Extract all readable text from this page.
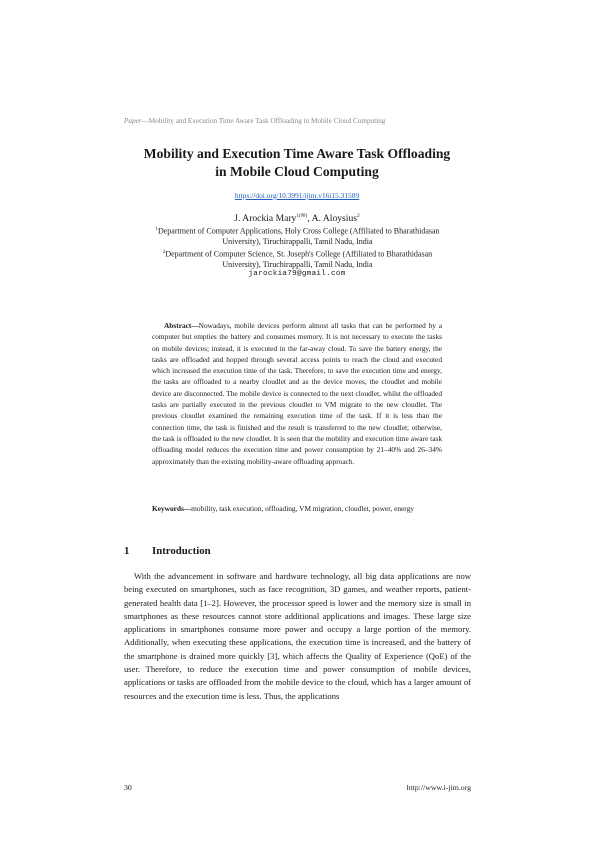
Paper—Mobility and Execution Time Aware Task Offloading in Mobile Cloud Computing
Mobility and Execution Time Aware Task Offloading
in Mobile Cloud Computing
https://doi.org/10.3991/ijim.v16i15.31589
J. Arockia Mary$^{1(✉)}$, A. Aloysius$^2$
$^1$Department of Computer Applications, Holy Cross College (Affiliated to Bharathidasan University), Tiruchirappalli, Tamil Nadu, India
$^2$Department of Computer Science, St. Joseph's College (Affiliated to Bharathidasan University), Tiruchirappalli, Tamil Nadu, India
jarockia79@gmail.com
Abstract—Nowadays, mobile devices perform almost all tasks that can be performed by a computer but empties the battery and consumes memory. It is not necessary to execute the tasks on mobile devices; instead, it is executed in the far-away cloud. To save the battery energy, the tasks are offloaded and hopped through several access points to reach the cloud and executed which increased the execution time of the task. Therefore, to save the execution time and energy, the tasks are offloaded to a nearby cloudlet and as the device moves, the cloudlet and mobile device are disconnected. The mobile device is connected to the next cloudlet, whilst the offloaded tasks are partially executed in the previous cloudlet to VM migrate to the new cloudlet. The previous cloudlet examined the remaining execution time of the task. If it is less than the connection time, the task is finished and the result is transferred to the new cloudlet; otherwise, the task is offloaded to the new cloudlet. It is seen that the mobility and execution time aware task offloading model reduces the execution time and power consumption by 21–40% and 26–34% approximately than the existing mobility-aware offloading approach.
Keywords—mobility, task execution, offloading, VM migration, cloudlet, power, energy
1 Introduction
With the advancement in software and hardware technology, all big data applications are now being executed on smartphones, such as face recognition, 3D games, and weather reports, patient-generated health data [1–2]. However, the processor speed is lower and the memory size is small in smartphones as these resources cannot store additional applications and images. These large size applications in smartphones consume more power and occupy a large portion of the memory. Additionally, when executing these applications, the execution time is increased, and the battery of the smartphone is drained more quickly [3], which affects the Quality of Experience (QoE) of the user. Therefore, to reduce the execution time and power consumption of mobile devices, applications or tasks are offloaded from the mobile device to the cloud, which has a larger amount of resources and the execution time is less. Thus, the applications
30	http://www.i-jim.org
